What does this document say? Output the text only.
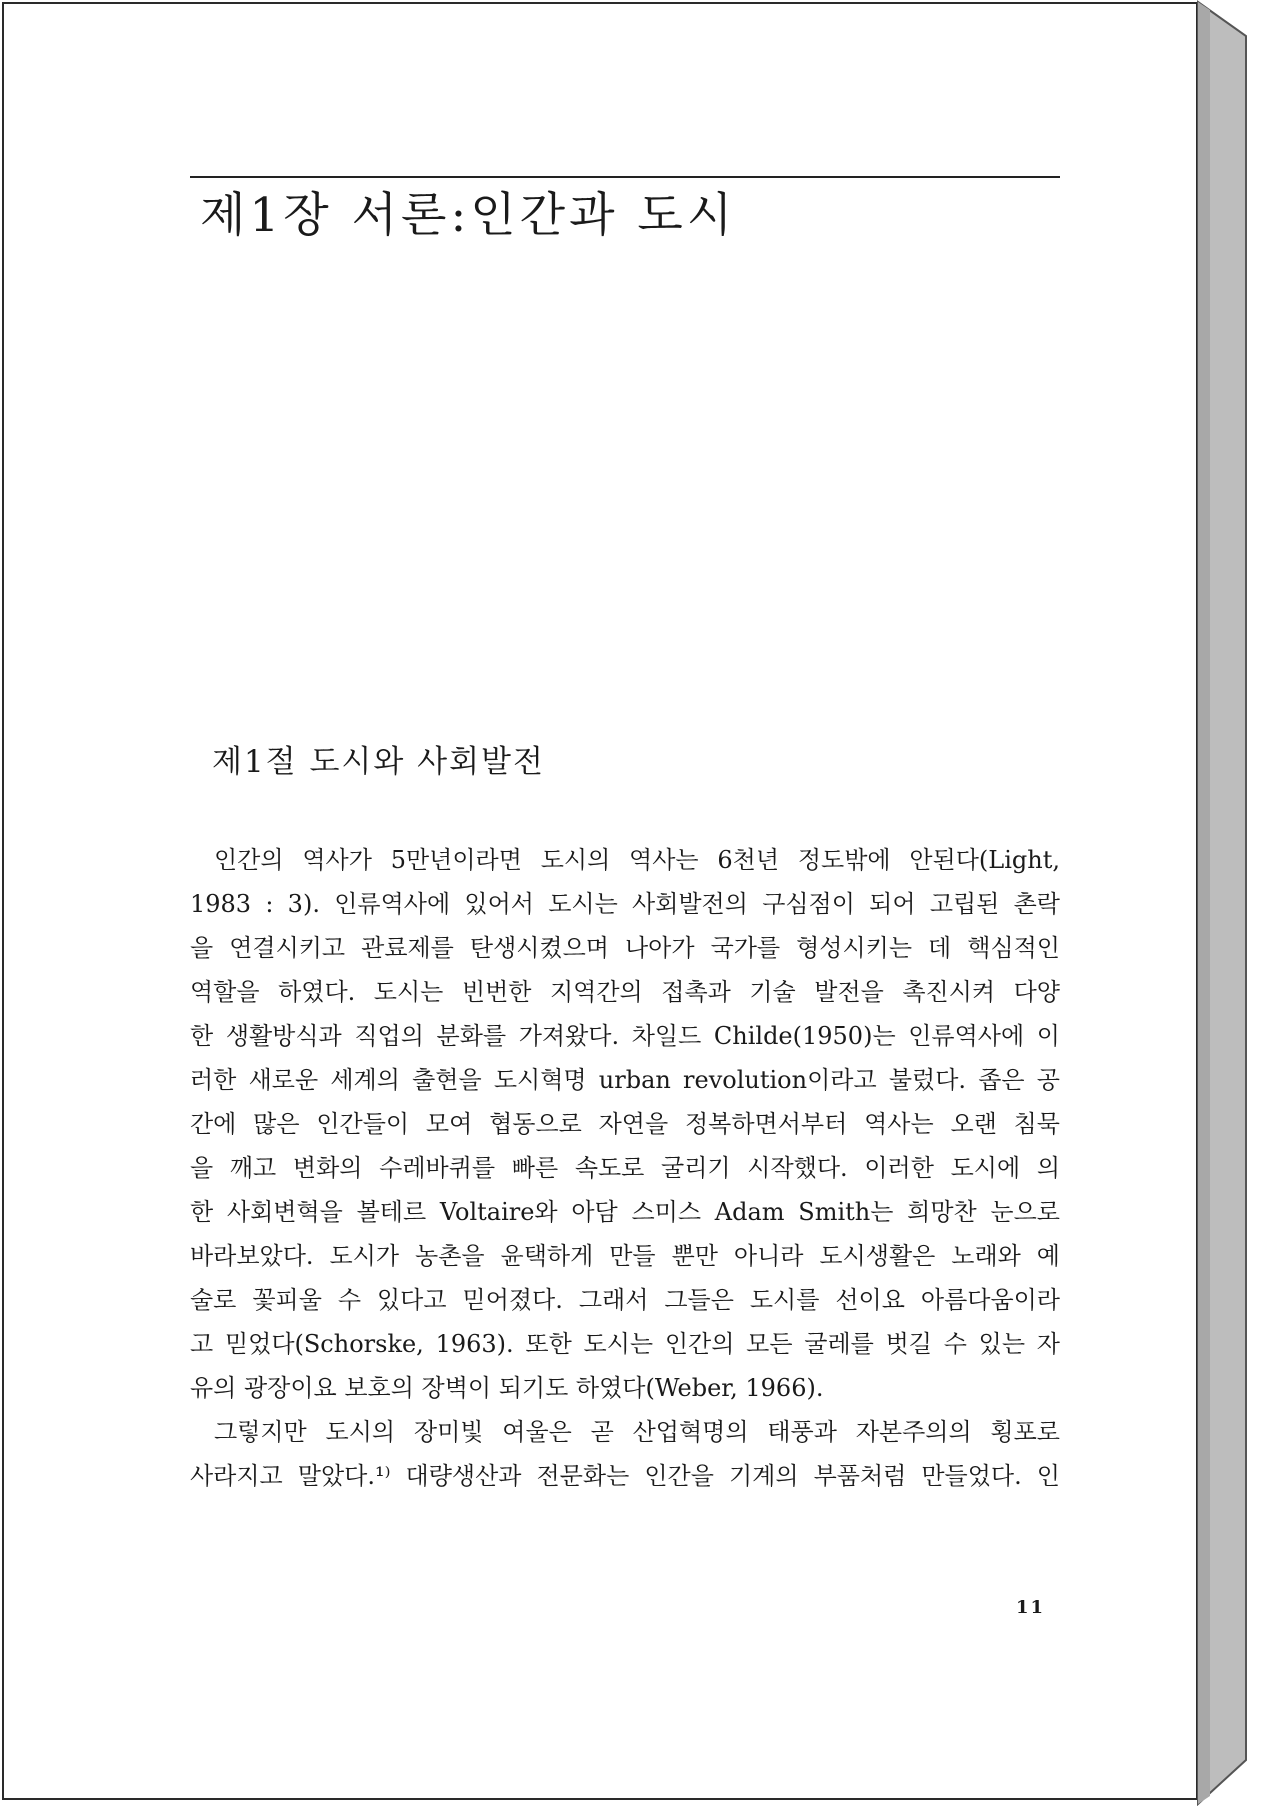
제1장 서론:인간과 도시
제1절 도시와 사회발전
인간의 역사가 5만년이라면 도시의 역사는 6천년 정도밖에 안된다(Light,
1983 : 3). 인류역사에 있어서 도시는 사회발전의 구심점이 되어 고립된 촌락
을 연결시키고 관료제를 탄생시켰으며 나아가 국가를 형성시키는 데 핵심적인
역할을 하였다. 도시는 빈번한 지역간의 접촉과 기술 발전을 촉진시켜 다양
한 생활방식과 직업의 분화를 가져왔다. 차일드 Childe(1950)는 인류역사에 이
러한 새로운 세계의 출현을 도시혁명 urban revolution이라고 불렀다. 좁은 공
간에 많은 인간들이 모여 협동으로 자연을 정복하면서부터 역사는 오랜 침묵
을 깨고 변화의 수레바퀴를 빠른 속도로 굴리기 시작했다. 이러한 도시에 의
한 사회변혁을 볼테르 Voltaire와 아담 스미스 Adam Smith는 희망찬 눈으로
바라보았다. 도시가 농촌을 윤택하게 만들 뿐만 아니라 도시생활은 노래와 예
술로 꽃피울 수 있다고 믿어졌다. 그래서 그들은 도시를 선이요 아름다움이라
고 믿었다(Schorske, 1963). 또한 도시는 인간의 모든 굴레를 벗길 수 있는 자
유의 광장이요 보호의 장벽이 되기도 하였다(Weber, 1966).
그렇지만 도시의 장미빛 여울은 곧 산업혁명의 태풍과 자본주의의 횡포로
사라지고 말았다.¹⁾ 대량생산과 전문화는 인간을 기계의 부품처럼 만들었다. 인
11
